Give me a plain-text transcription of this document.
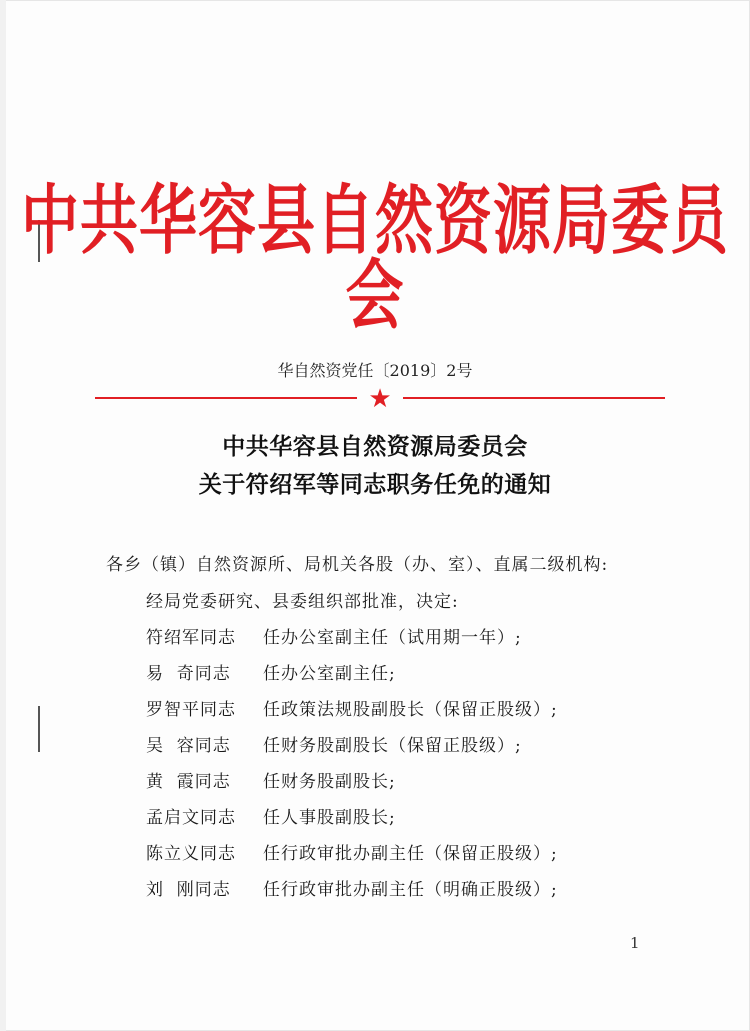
中共华容县自然资源局委员会
华自然资党任〔2019〕2号
★
中共华容县自然资源局委员会
关于符绍军等同志职务任免的通知
各乡（镇）自然资源所、局机关各股（办、室）、直属二级机构:
经局党委研究、县委组织部批准，决定:
符绍军同志 任办公室副主任（试用期一年）;
易  奇同志 任办公室副主任;
罗智平同志 任政策法规股副股长（保留正股级）;
吴  容同志 任财务股副股长（保留正股级）;
黄  霞同志 任财务股副股长;
孟启文同志 任人事股副股长;
陈立义同志 任行政审批办副主任（保留正股级）;
刘  刚同志 任行政审批办副主任（明确正股级）;
1
